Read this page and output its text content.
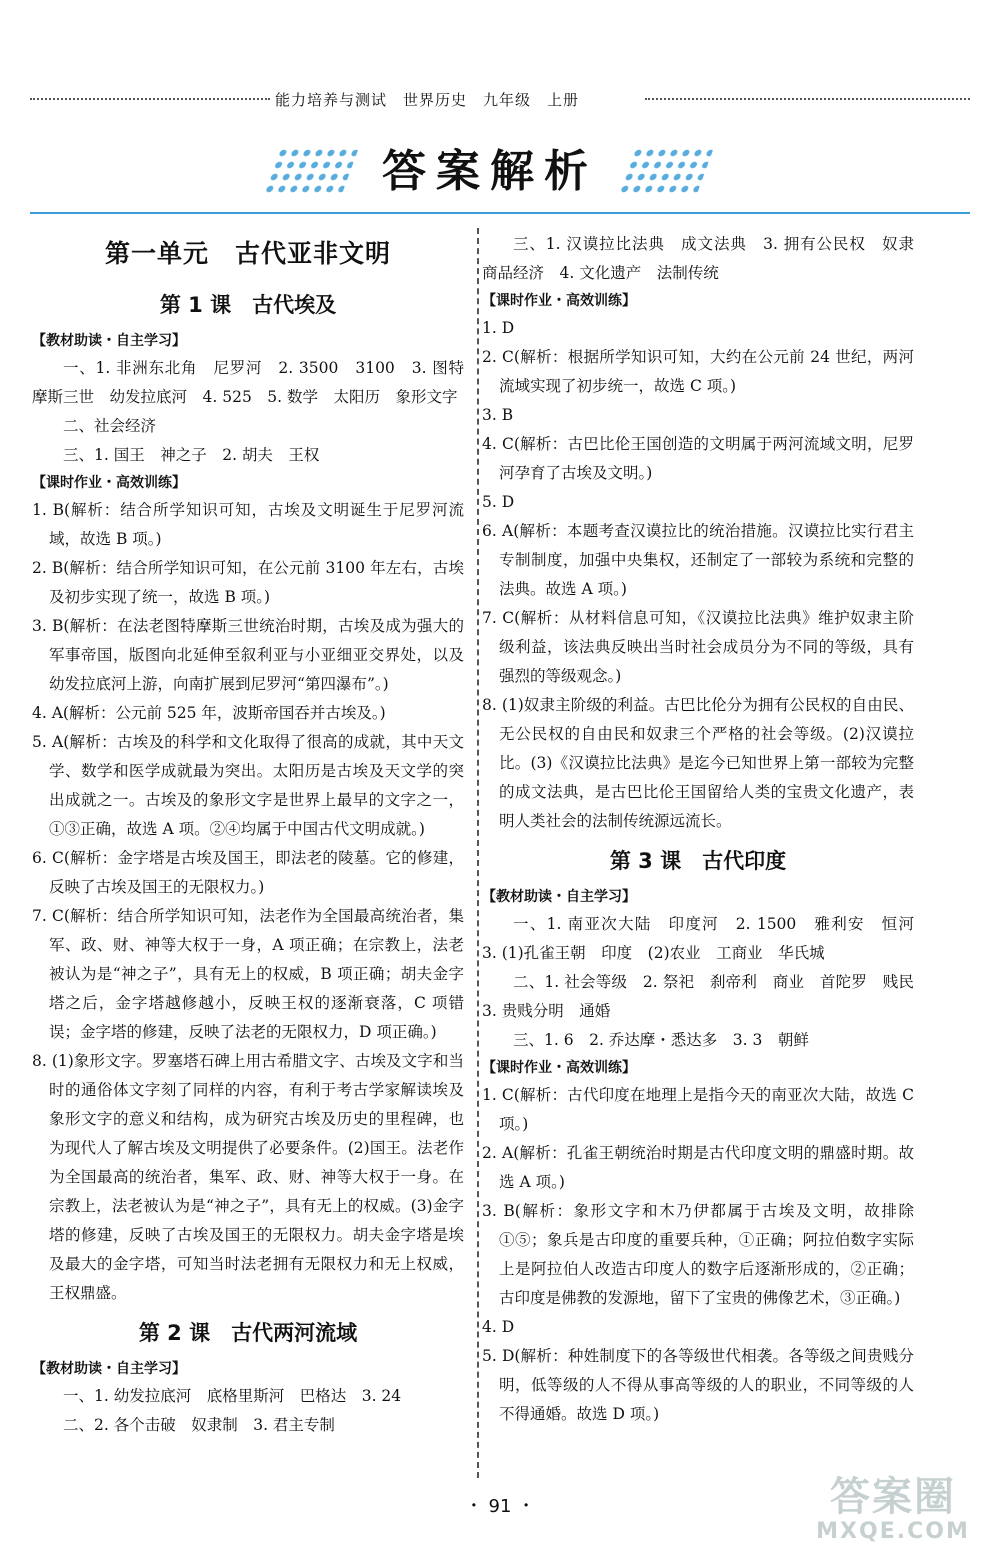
能力培养与测试　世界历史　九年级　上册
答案解析
第一单元　古代亚非文明
第 1 课　古代埃及
【教材助读・自主学习】
一、1. 非洲东北角　尼罗河　2. 3500　3100　3. 图特摩斯三世　幼发拉底河　4. 525　5. 数学　太阳历　象形文字
二、社会经济
三、1. 国王　神之子　2. 胡夫　王权
【课时作业・高效训练】
1. B(解析：结合所学知识可知，古埃及文明诞生于尼罗河流域，故选 B 项。)
2. B(解析：结合所学知识可知，在公元前 3100 年左右，古埃及初步实现了统一，故选 B 项。)
3. B(解析：在法老图特摩斯三世统治时期，古埃及成为强大的军事帝国，版图向北延伸至叙利亚与小亚细亚交界处，以及幼发拉底河上游，向南扩展到尼罗河“第四瀑布”。)
4. A(解析：公元前 525 年，波斯帝国吞并古埃及。)
5. A(解析：古埃及的科学和文化取得了很高的成就，其中天文学、数学和医学成就最为突出。太阳历是古埃及天文学的突出成就之一。古埃及的象形文字是世界上最早的文字之一，①③正确，故选 A 项。②④均属于中国古代文明成就。)
6. C(解析：金字塔是古埃及国王，即法老的陵墓。它的修建，反映了古埃及国王的无限权力。)
7. C(解析：结合所学知识可知，法老作为全国最高统治者，集军、政、财、神等大权于一身，A 项正确；在宗教上，法老被认为是“神之子”，具有无上的权威，B 项正确；胡夫金字塔之后，金字塔越修越小，反映王权的逐渐衰落，C 项错误；金字塔的修建，反映了法老的无限权力，D 项正确。)
8. (1)象形文字。罗塞塔石碑上用古希腊文字、古埃及文字和当时的通俗体文字刻了同样的内容，有利于考古学家解读埃及象形文字的意义和结构，成为研究古埃及历史的里程碑，也为现代人了解古埃及文明提供了必要条件。(2)国王。法老作为全国最高的统治者，集军、政、财、神等大权于一身。在宗教上，法老被认为是“神之子”，具有无上的权威。(3)金字塔的修建，反映了古埃及国王的无限权力。胡夫金字塔是埃及最大的金字塔，可知当时法老拥有无限权力和无上权威，王权鼎盛。
第 2 课　古代两河流域
【教材助读・自主学习】
一、1. 幼发拉底河　底格里斯河　巴格达　3. 24
二、2. 各个击破　奴隶制　3. 君主专制
三、1. 汉谟拉比法典　成文法典　3. 拥有公民权　奴隶　商品经济　4. 文化遗产　法制传统
【课时作业・高效训练】
1. D
2. C(解析：根据所学知识可知，大约在公元前 24 世纪，两河流域实现了初步统一，故选 C 项。)
3. B
4. C(解析：古巴比伦王国创造的文明属于两河流域文明，尼罗河孕育了古埃及文明。)
5. D
6. A(解析：本题考查汉谟拉比的统治措施。汉谟拉比实行君主专制制度，加强中央集权，还制定了一部较为系统和完整的法典。故选 A 项。)
7. C(解析：从材料信息可知，《汉谟拉比法典》维护奴隶主阶级利益，该法典反映出当时社会成员分为不同的等级，具有强烈的等级观念。)
8. (1)奴隶主阶级的利益。古巴比伦分为拥有公民权的自由民、无公民权的自由民和奴隶三个严格的社会等级。(2)汉谟拉比。(3)《汉谟拉比法典》是迄今已知世界上第一部较为完整的成文法典，是古巴比伦王国留给人类的宝贵文化遗产，表明人类社会的法制传统源远流长。
第 3 课　古代印度
【教材助读・自主学习】
一、1. 南亚次大陆　印度河　2. 1500　雅利安　恒河　3. (1)孔雀王朝　印度　(2)农业　工商业　华氏城
二、1. 社会等级　2. 祭祀　刹帝利　商业　首陀罗　贱民　3. 贵贱分明　通婚
三、1. 6　2. 乔达摩・悉达多　3. 3　朝鲜
【课时作业・高效训练】
1. C(解析：古代印度在地理上是指今天的南亚次大陆，故选 C 项。)
2. A(解析：孔雀王朝统治时期是古代印度文明的鼎盛时期。故选 A 项。)
3. B(解析：象形文字和木乃伊都属于古埃及文明，故排除①⑤；象兵是古印度的重要兵种，①正确；阿拉伯数字实际上是阿拉伯人改造古印度人的数字后逐渐形成的，②正确；古印度是佛教的发源地，留下了宝贵的佛像艺术，③正确。)
4. D
5. D(解析：种姓制度下的各等级世代相袭。各等级之间贵贱分明，低等级的人不得从事高等级的人的职业，不同等级的人不得通婚。故选 D 项。)
・ 91 ・	答案圈
MXQE.COM
